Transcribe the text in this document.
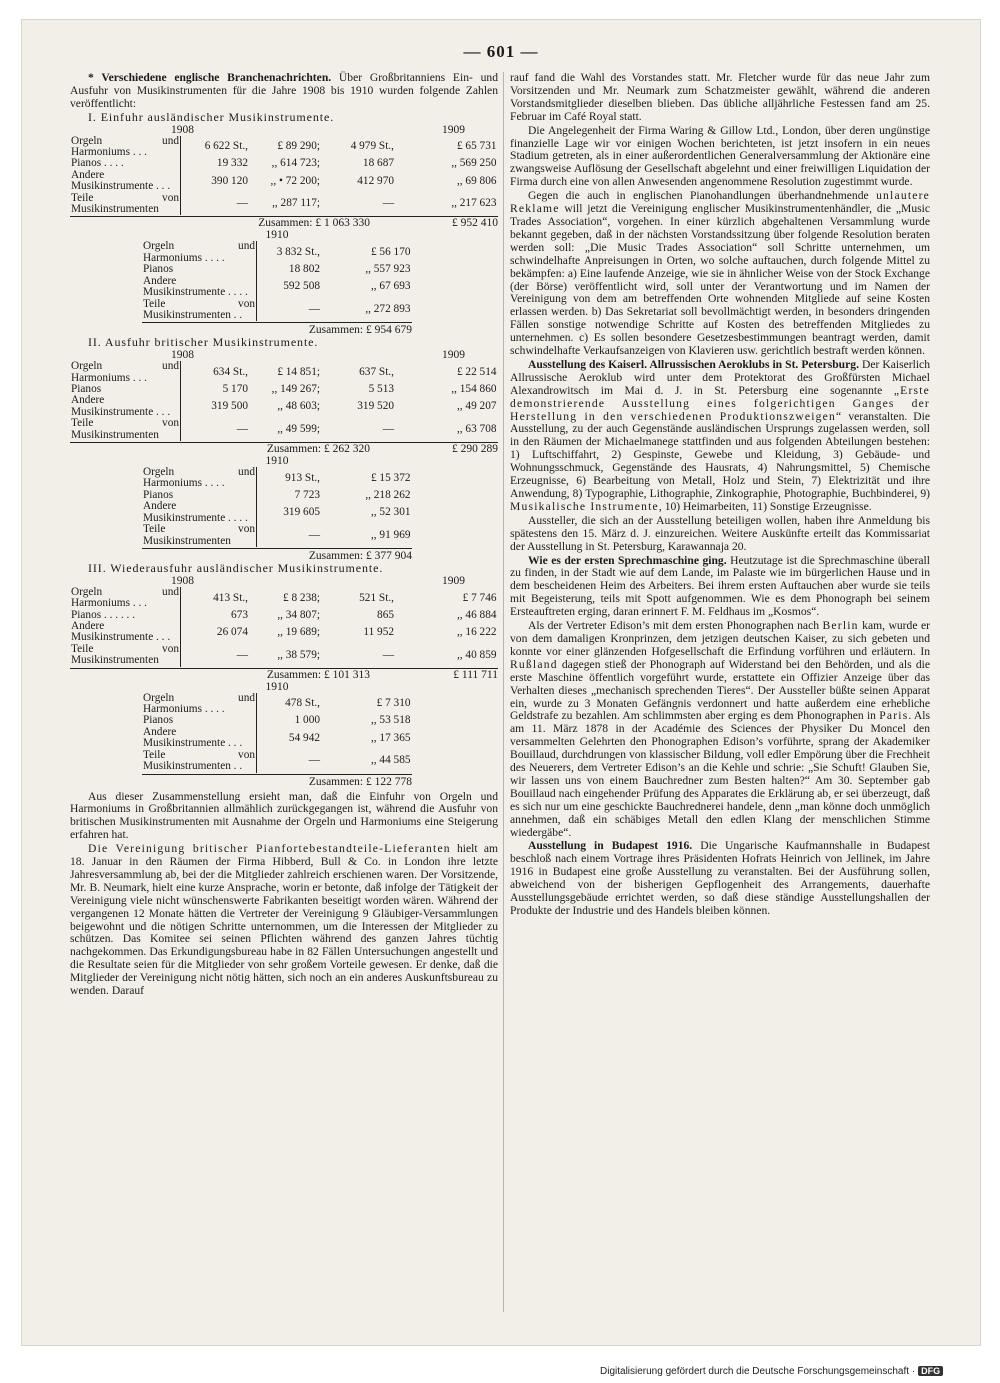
— 601 —

* Verschiedene englische Branchenachrichten. Über Großbritanniens Ein- und Ausfuhr von Musikinstrumenten für die Jahre 1908 bis 1910 wurden folgende Zahlen veröffentlicht:

I. Einfuhr ausländischer Musikinstrumente.

1908	1909
Orgeln und Harmoniums . . .	6 622 St.,	£ 89 290;	4 979 St.,	£ 65 731
Pianos . . . .	19 332	,, 614 723;	18 687	,, 569 250
Andere Musikinstrumente . . .	390 120	,, • 72 200;	412 970	,, 69 806
Teile von Musikinstrumenten	—	,, 287 117;	—	,, 217 623
Zusammen: £ 1 063 330	£ 952 410
1910
Orgeln und Harmoniums . . . .	3 832 St.,	£ 56 170
Pianos	18 802	,, 557 923
Andere Musikinstrumente . . . .	592 508	,, 67 693
Teile von Musikinstrumenten . .	—	,, 272 893
Zusammen: £ 954 679

II. Ausfuhr britischer Musikinstrumente.

1908	1909
Orgeln und Harmoniums . . .	634 St.,	£ 14 851;	637 St.,	£ 22 514
Pianos	5 170	,, 149 267;	5 513	,, 154 860
Andere Musikinstrumente . . .	319 500	,, 48 603;	319 520	,, 49 207
Teile von Musikinstrumenten	—	,, 49 599;	—	,, 63 708
Zusammen: £ 262 320	£ 290 289
1910
Orgeln und Harmoniums . . . .	913 St.,	£ 15 372
Pianos	7 723	,, 218 262
Andere Musikinstrumente . . . .	319 605	,, 52 301
Teile von Musikinstrumenten	—	,, 91 969
Zusammen: £ 377 904

III. Wiederausfuhr ausländischer Musikinstrumente.

1908	1909
Orgeln und Harmoniums . . .	413 St.,	£ 8 238;	521 St.,	£ 7 746
Pianos . . . . . .	673	,, 34 807;	865	,, 46 884
Andere Musikinstrumente . . .	26 074	,, 19 689;	11 952	,, 16 222
Teile von Musikinstrumenten	—	,, 38 579;	—	,, 40 859
Zusammen: £ 101 313	£ 111 711
1910
Orgeln und Harmoniums . . . .	478 St.,	£ 7 310
Pianos	1 000	,, 53 518
Andere Musikinstrumente . . .	54 942	,, 17 365
Teile von Musikinstrumenten . .	—	,, 44 585
Zusammen: £ 122 778

Aus dieser Zusammenstellung ersieht man, daß die Einfuhr von Orgeln und Harmoniums in Großbritannien allmählich zurückgegangen ist, während die Ausfuhr von britischen Musikinstrumenten mit Ausnahme der Orgeln und Harmoniums eine Steigerung erfahren hat.

Die Vereinigung britischer Pianfortebestandteile-Lieferanten hielt am 18. Januar in den Räumen der Firma Hibberd, Bull & Co. in London ihre letzte Jahresversammlung ab, bei der die Mitglieder zahlreich erschienen waren. Der Vorsitzende, Mr. B. Neumark, hielt eine kurze Ansprache, worin er betonte, daß infolge der Tätigkeit der Vereinigung viele nicht wünschenswerte Fabrikanten beseitigt worden wären. Während der vergangenen 12 Monate hätten die Vertreter der Vereinigung 9 Gläubiger-Versammlungen beigewohnt und die nötigen Schritte unternommen, um die Interessen der Mitglieder zu schützen. Das Komitee sei seinen Pflichten während des ganzen Jahres tüchtig nachgekommen. Das Erkundigungsbureau habe in 82 Fällen Untersuchungen angestellt und die Resultate seien für die Mitglieder von sehr großem Vorteile gewesen. Er denke, daß die Mitglieder der Vereinigung nicht nötig hätten, sich noch an ein anderes Auskunftsbureau zu wenden. Darauf

rauf fand die Wahl des Vorstandes statt. Mr. Fletcher wurde für das neue Jahr zum Vorsitzenden und Mr. Neumark zum Schatzmeister gewählt, während die anderen Vorstandsmitglieder dieselben blieben. Das übliche alljährliche Festessen fand am 25. Februar im Café Royal statt.

Die Angelegenheit der Firma Waring & Gillow Ltd., London, über deren ungünstige finanzielle Lage wir vor einigen Wochen berichteten, ist jetzt insofern in ein neues Stadium getreten, als in einer außerordentlichen Generalversammlung der Aktionäre eine zwangsweise Auflösung der Gesellschaft abgelehnt und einer freiwilligen Liquidation der Firma durch eine von allen Anwesenden angenommene Resolution zugestimmt wurde.

Gegen die auch in englischen Pianohandlungen überhandnehmende unlautere Reklame will jetzt die Vereinigung englischer Musikinstrumentenhändler, die „Music Trades Association“, vorgehen. In einer kürzlich abgehaltenen Versammlung wurde bekannt gegeben, daß in der nächsten Vorstandssitzung über folgende Resolution beraten werden soll: „Die Music Trades Association“ soll Schritte unternehmen, um schwindelhafte Anpreisungen in Orten, wo solche auftauchen, durch folgende Mittel zu bekämpfen: a) Eine laufende Anzeige, wie sie in ähnlicher Weise von der Stock Exchange (der Börse) veröffentlicht wird, soll unter der Verantwortung und im Namen der Vereinigung von dem am betreffenden Orte wohnenden Mitgliede auf seine Kosten erlassen werden. b) Das Sekretariat soll bevollmächtigt werden, in besonders dringenden Fällen sonstige notwendige Schritte auf Kosten des betreffenden Mitgliedes zu unternehmen. c) Es sollen besondere Gesetzesbestimmungen beantragt werden, damit schwindelhafte Verkaufsanzeigen von Klavieren usw. gerichtlich bestraft werden können.

Ausstellung des Kaiserl. Allrussischen Aeroklubs in St. Petersburg. Der Kaiserlich Allrussische Aeroklub wird unter dem Protektorat des Großfürsten Michael Alexandrowitsch im Mai d. J. in St. Petersburg eine sogenannte „Erste demonstrierende Ausstellung eines folgerichtigen Ganges der Herstellung in den verschiedenen Produktionszweigen“ veranstalten. Die Ausstellung, zu der auch Gegenstände ausländischen Ursprungs zugelassen werden, soll in den Räumen der Michaelmanege stattfinden und aus folgenden Abteilungen bestehen: 1) Luftschiffahrt, 2) Gespinste, Gewebe und Kleidung, 3) Gebäude- und Wohnungsschmuck, Gegenstände des Hausrats, 4) Nahrungsmittel, 5) Chemische Erzeugnisse, 6) Bearbeitung von Metall, Holz und Stein, 7) Elektrizität und ihre Anwendung, 8) Typographie, Lithographie, Zinkographie, Photographie, Buchbinderei, 9) Musikalische Instrumente, 10) Heimarbeiten, 11) Sonstige Erzeugnisse.

Aussteller, die sich an der Ausstellung beteiligen wollen, haben ihre Anmeldung bis spätestens den 15. März d. J. einzureichen. Weitere Auskünfte erteilt das Kommissariat der Ausstellung in St. Petersburg, Karawannaja 20.

Wie es der ersten Sprechmaschine ging. Heutzutage ist die Sprechmaschine überall zu finden, in der Stadt wie auf dem Lande, im Palaste wie im bürgerlichen Hause und in dem bescheidenen Heim des Arbeiters. Bei ihrem ersten Auftauchen aber wurde sie teils mit Begeisterung, teils mit Spott aufgenommen. Wie es dem Phonograph bei seinem Ersteauftreten erging, daran erinnert F. M. Feldhaus im „Kosmos“.

Als der Vertreter Edison’s mit dem ersten Phonographen nach Berlin kam, wurde er von dem damaligen Kronprinzen, dem jetzigen deutschen Kaiser, zu sich gebeten und konnte vor einer glänzenden Hofgesellschaft die Erfindung vorführen und erläutern. In Rußland dagegen stieß der Phonograph auf Widerstand bei den Behörden, und als die erste Maschine öffentlich vorgeführt wurde, erstattete ein Offizier Anzeige über das Verhalten dieses „mechanisch sprechenden Tieres“. Der Aussteller büßte seinen Apparat ein, wurde zu 3 Monaten Gefängnis verdonnert und hatte außerdem eine erhebliche Geldstrafe zu bezahlen. Am schlimmsten aber erging es dem Phonographen in Paris. Als am 11. März 1878 in der Académie des Sciences der Physiker Du Moncel den versammelten Gelehrten den Phonographen Edison’s vorführte, sprang der Akademiker Bouillaud, durchdrungen von klassischer Bildung, voll edler Empörung über die Frechheit des Neuerers, dem Vertreter Edison’s an die Kehle und schrie: „Sie Schuft! Glauben Sie, wir lassen uns von einem Bauchredner zum Besten halten?“ Am 30. September gab Bouillaud nach eingehender Prüfung des Apparates die Erklärung ab, er sei überzeugt, daß es sich nur um eine geschickte Bauchrednerei handele, denn „man könne doch unmöglich annehmen, daß ein schäbiges Metall den edlen Klang der menschlichen Stimme wiedergäbe“.

Ausstellung in Budapest 1916. Die Ungarische Kaufmannshalle in Budapest beschloß nach einem Vortrage ihres Präsidenten Hofrats Heinrich von Jellinek, im Jahre 1916 in Budapest eine große Ausstellung zu veranstalten. Bei der Ausführung sollen, abweichend von der bisherigen Gepflogenheit des Arrangements, dauerhafte Ausstellungsgebäude errichtet werden, so daß diese ständige Ausstellungshallen der Produkte der Industrie und des Handels bleiben können.

Digitalisierung gefördert durch die Deutsche Forschungsgemeinschaft · DFG
